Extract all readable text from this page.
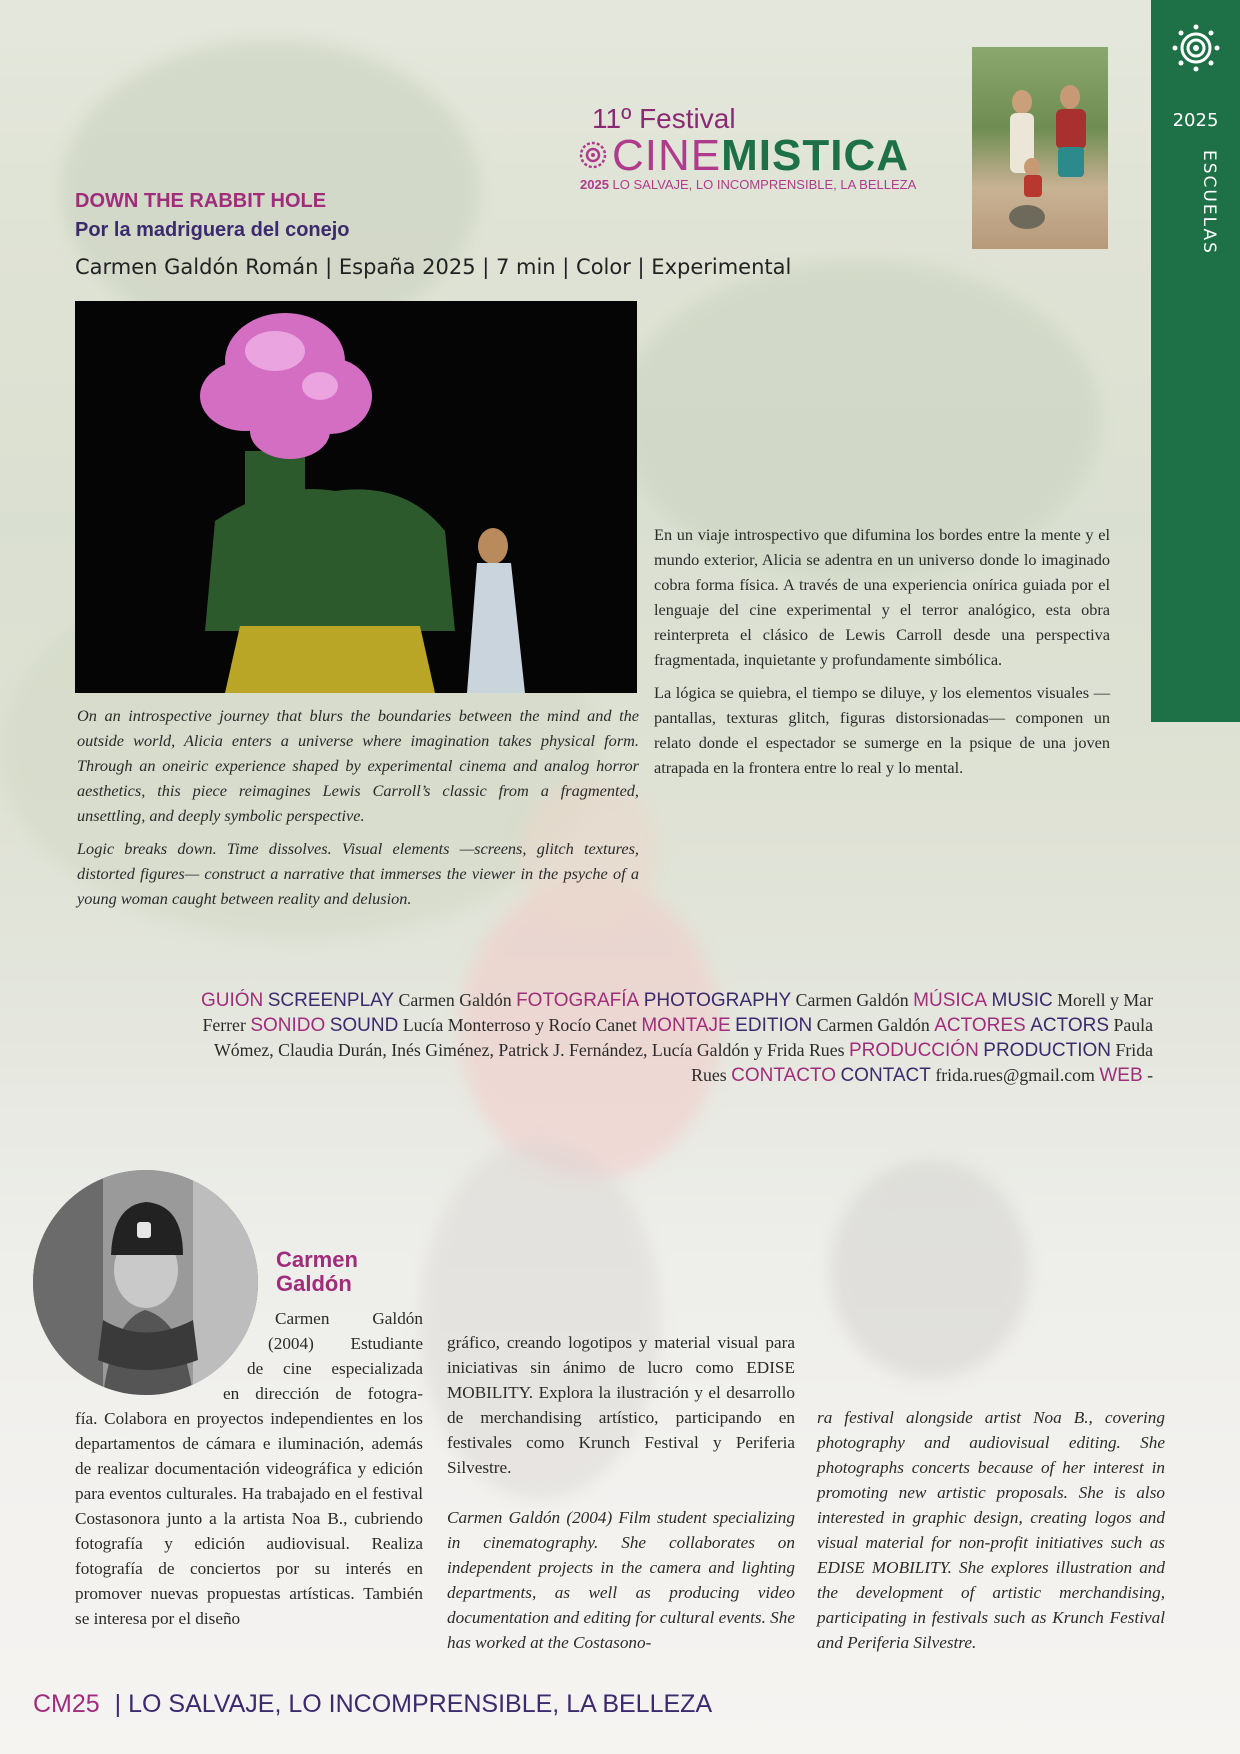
2025
ESCUELAS
11º Festival
CINEMISTICA
2025 LO SALVAJE, LO INCOMPRENSIBLE, LA BELLEZA
DOWN THE RABBIT HOLE
Por la madriguera del conejo
Carmen Galdón Román | España 2025 | 7 min | Color | Experimental

On an introspective journey that blurs the boundaries between the mind and the outside world, Alicia enters a universe where imagination takes physical form. Through an oneiric experience shaped by experimental cinema and analog horror aesthetics, this piece reimagines Lewis Carroll’s classic from a fragmented, unsettling, and deeply symbolic perspective.

Logic breaks down. Time dissolves. Visual elements —screens, glitch textures, distorted figures— construct a narrative that immerses the viewer in the psyche of a young woman caught between reality and delusion.

En un viaje introspectivo que difumina los bordes entre la mente y el mundo exterior, Alicia se adentra en un universo donde lo imaginado cobra forma física. A través de una experiencia onírica guiada por el lenguaje del cine experimental y el terror analógico, esta obra reinterpreta el clásico de Lewis Carroll desde una perspectiva fragmentada, inquietante y profundamente simbólica.

La lógica se quiebra, el tiempo se diluye, y los elementos visuales —pantallas, texturas glitch, figuras distorsionadas— componen un relato donde el espectador se sumerge en la psique de una joven atrapada en la frontera entre lo real y lo mental.

GUIÓN SCREENPLAY Carmen Galdón FOTOGRAFÍA PHOTOGRAPHY Carmen Galdón MÚSICA MUSIC Morell y Mar Ferrer SONIDO SOUND Lucía Monterroso y Rocío Canet MONTAJE EDITION Carmen Galdón ACTORES ACTORS Paula Wómez, Claudia Durán, Inés Giménez, Patrick J. Fernández, Lucía Galdón y Frida Rues PRODUCCIÓN PRODUCTION Frida Rues CONTACTO CONTACT frida.rues@gmail.com WEB -
Carmen
Galdón
Carmen Galdón
(2004) Estudiante
de cine especializada
en dirección de fotogra-
fía. Colabora en proyectos independientes en los departamentos de cámara e iluminación, además de realizar documentación videográfica y edición para eventos culturales. Ha trabajado en el festival Costasonora junto a la artista Noa B., cubriendo fotografía y edición audiovisual. Realiza fotografía de conciertos por su interés en promover nuevas propuestas artísticas. También se interesa por el diseño
gráfico, creando logotipos y material visual para iniciativas sin ánimo de lucro como EDISE MOBILITY. Explora la ilustración y el desarrollo de merchandising artístico, participando en festivales como Krunch Festival y Periferia Silvestre.
Carmen Galdón (2004) Film student specializing in cinematography. She collaborates on independent projects in the camera and lighting departments, as well as producing video documentation and editing for cultural events. She has worked at the Costasono-
ra festival alongside artist Noa B., covering photography and audiovisual editing. She photographs concerts because of her interest in promoting new artistic proposals. She is also interested in graphic design, creating logos and visual material for non-profit initiatives such as EDISE MOBILITY. She explores illustration and the development of artistic merchandising, participating in festivals such as Krunch Festival and Periferia Silvestre.
CM25 | LO SALVAJE, LO INCOMPRENSIBLE, LA BELLEZA
